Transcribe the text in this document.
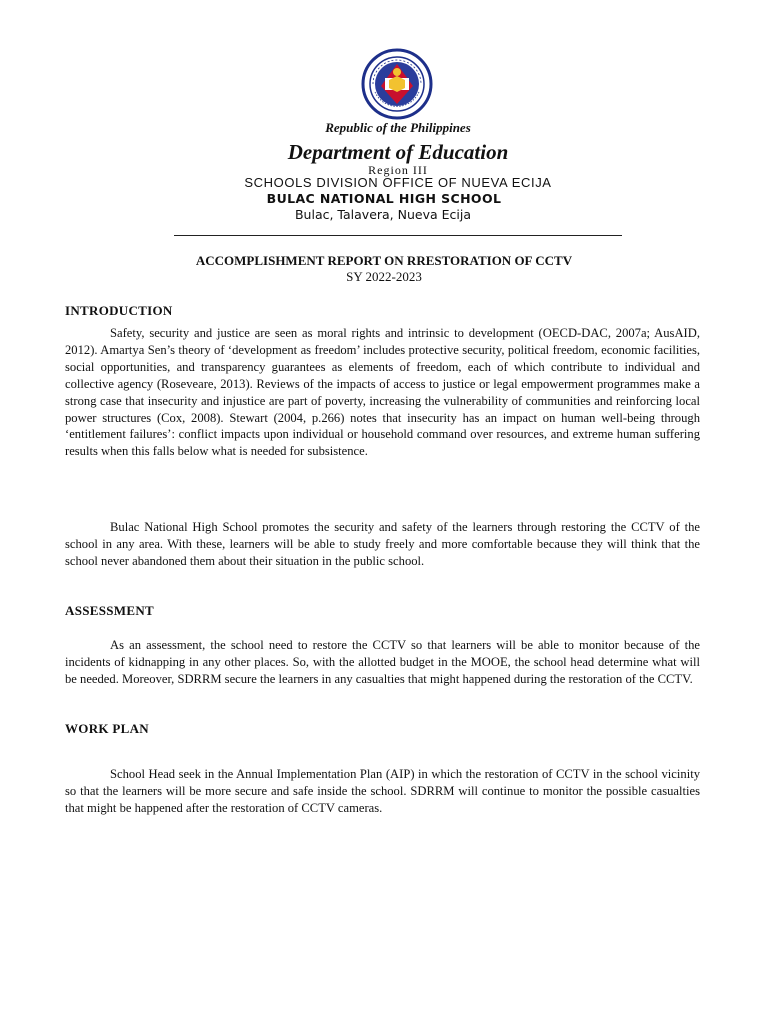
Republic of the Philippines
Department of Education
Region III
SCHOOLS DIVISION OFFICE OF NUEVA ECIJA
BULAC NATIONAL HIGH SCHOOL
Bulac, Talavera, Nueva Ecija
ACCOMPLISHMENT REPORT ON RRESTORATION OF CCTV
SY 2022-2023
INTRODUCTION

Safety, security and justice are seen as moral rights and intrinsic to development (OECD-DAC, 2007a; AusAID, 2012). Amartya Sen’s theory of ‘development as freedom’ includes protective security, political freedom, economic facilities, social opportunities, and transparency guarantees as elements of freedom, each of which contribute to individual and collective agency (Roseveare, 2013). Reviews of the impacts of access to justice or legal empowerment programmes make a strong case that insecurity and injustice are part of poverty, increasing the vulnerability of communities and reinforcing local power structures (Cox, 2008). Stewart (2004, p.266) notes that insecurity has an impact on human well-being through ‘entitlement failures’: conflict impacts upon individual or household command over resources, and extreme human suffering results when this falls below what is needed for subsistence.

Bulac National High School promotes the security and safety of the learners through restoring the CCTV of the school in any area. With these, learners will be able to study freely and more comfortable because they will think that the school never abandoned them about their situation in the public school.

ASSESSMENT

As an assessment, the school need to restore the CCTV so that learners will be able to monitor because of the incidents of kidnapping in any other places. So, with the allotted budget in the MOOE, the school head determine what will be needed. Moreover, SDRRM secure the learners in any casualties that might happened during the restoration of the CCTV.

WORK PLAN

School Head seek in the Annual Implementation Plan (AIP) in which the restoration of CCTV in the school vicinity so that the learners will be more secure and safe inside the school. SDRRM will continue to monitor the possible casualties that might be happened after the restoration of CCTV cameras.
